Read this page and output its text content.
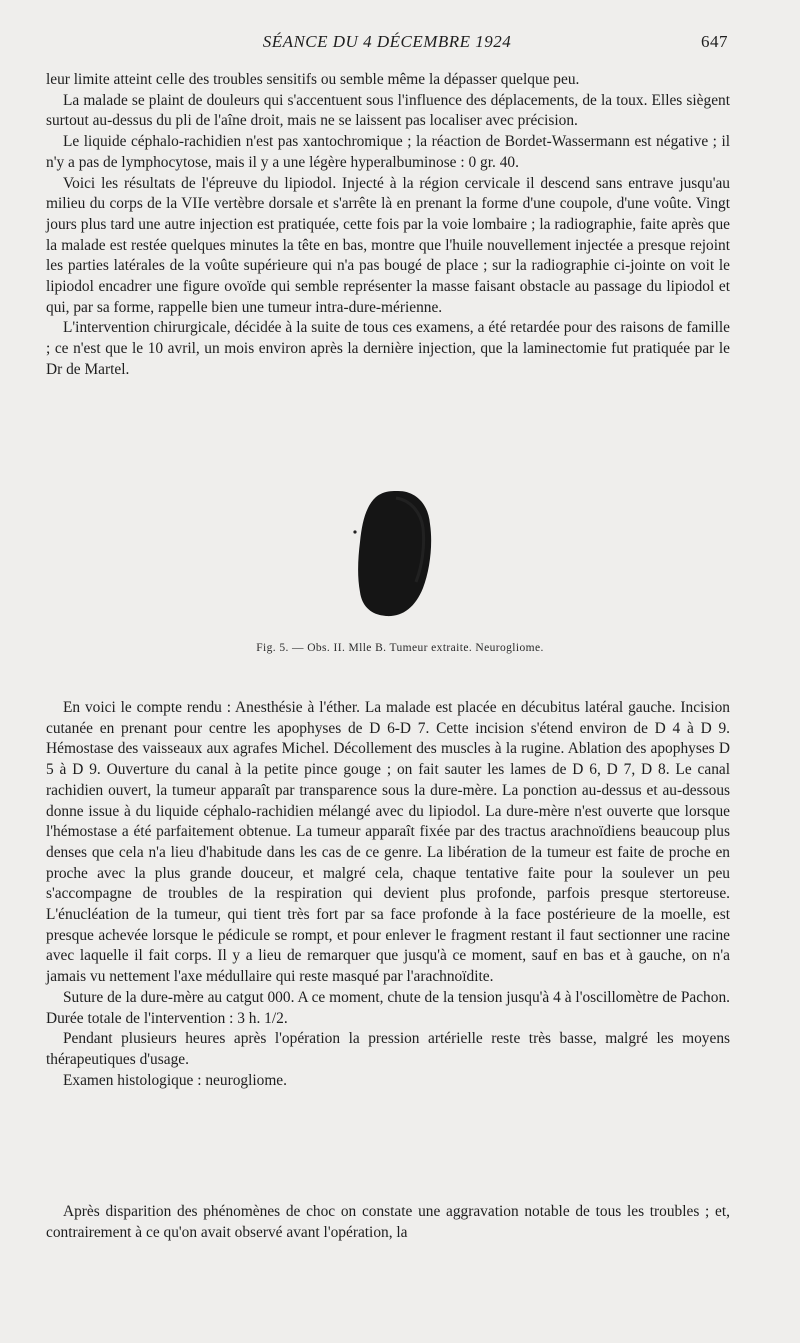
SÉANCE DU 4 DÉCEMBRE 1924	647

leur limite atteint celle des troubles sensitifs ou semble même la dépasser quelque peu.

La malade se plaint de douleurs qui s'accentuent sous l'influence des déplacements, de la toux. Elles siègent surtout au-dessus du pli de l'aîne droit, mais ne se laissent pas localiser avec précision.

Le liquide céphalo-rachidien n'est pas xantochromique ; la réaction de Bordet-Wassermann est négative ; il n'y a pas de lymphocytose, mais il y a une légère hyperalbuminose : 0 gr. 40.

Voici les résultats de l'épreuve du lipiodol. Injecté à la région cervicale il descend sans entrave jusqu'au milieu du corps de la VIIe vertèbre dorsale et s'arrête là en prenant la forme d'une coupole, d'une voûte. Vingt jours plus tard une autre injection est pratiquée, cette fois par la voie lombaire ; la radiographie, faite après que la malade est restée quelques minutes la tête en bas, montre que l'huile nouvellement injectée a presque rejoint les parties latérales de la voûte supérieure qui n'a pas bougé de place ; sur la radiographie ci-jointe on voit le lipiodol encadrer une figure ovoïde qui semble représenter la masse faisant obstacle au passage du lipiodol et qui, par sa forme, rappelle bien une tumeur intra-dure-mérienne.

L'intervention chirurgicale, décidée à la suite de tous ces examens, a été retardée pour des raisons de famille ; ce n'est que le 10 avril, un mois environ après la dernière injection, que la laminectomie fut pratiquée par le Dr de Martel.

Fig. 5. — Obs. II. Mlle B. Tumeur extraite. Neurogliome.

En voici le compte rendu : Anesthésie à l'éther. La malade est placée en décubitus latéral gauche. Incision cutanée en prenant pour centre les apophyses de D 6-D 7. Cette incision s'étend environ de D 4 à D 9. Hémostase des vaisseaux aux agrafes Michel. Décollement des muscles à la rugine. Ablation des apophyses D 5 à D 9. Ouverture du canal à la petite pince gouge ; on fait sauter les lames de D 6, D 7, D 8. Le canal rachidien ouvert, la tumeur apparaît par transparence sous la dure-mère. La ponction au-dessus et au-dessous donne issue à du liquide céphalo-rachidien mélangé avec du lipiodol. La dure-mère n'est ouverte que lorsque l'hémostase a été parfaitement obtenue. La tumeur apparaît fixée par des tractus arachnoïdiens beaucoup plus denses que cela n'a lieu d'habitude dans les cas de ce genre. La libération de la tumeur est faite de proche en proche avec la plus grande douceur, et malgré cela, chaque tentative faite pour la soulever un peu s'accompagne de troubles de la respiration qui devient plus profonde, parfois presque stertoreuse. L'énucléation de la tumeur, qui tient très fort par sa face profonde à la face postérieure de la moelle, est presque achevée lorsque le pédicule se rompt, et pour enlever le fragment restant il faut sectionner une racine avec laquelle il fait corps. Il y a lieu de remarquer que jusqu'à ce moment, sauf en bas et à gauche, on n'a jamais vu nettement l'axe médullaire qui reste masqué par l'arachnoïdite.

Suture de la dure-mère au catgut 000. A ce moment, chute de la tension jusqu'à 4 à l'oscillomètre de Pachon. Durée totale de l'intervention : 3 h. 1/2.

Pendant plusieurs heures après l'opération la pression artérielle reste très basse, malgré les moyens thérapeutiques d'usage.

Examen histologique : neurogliome.

Après disparition des phénomènes de choc on constate une aggravation notable de tous les troubles ; et, contrairement à ce qu'on avait observé avant l'opération, la
